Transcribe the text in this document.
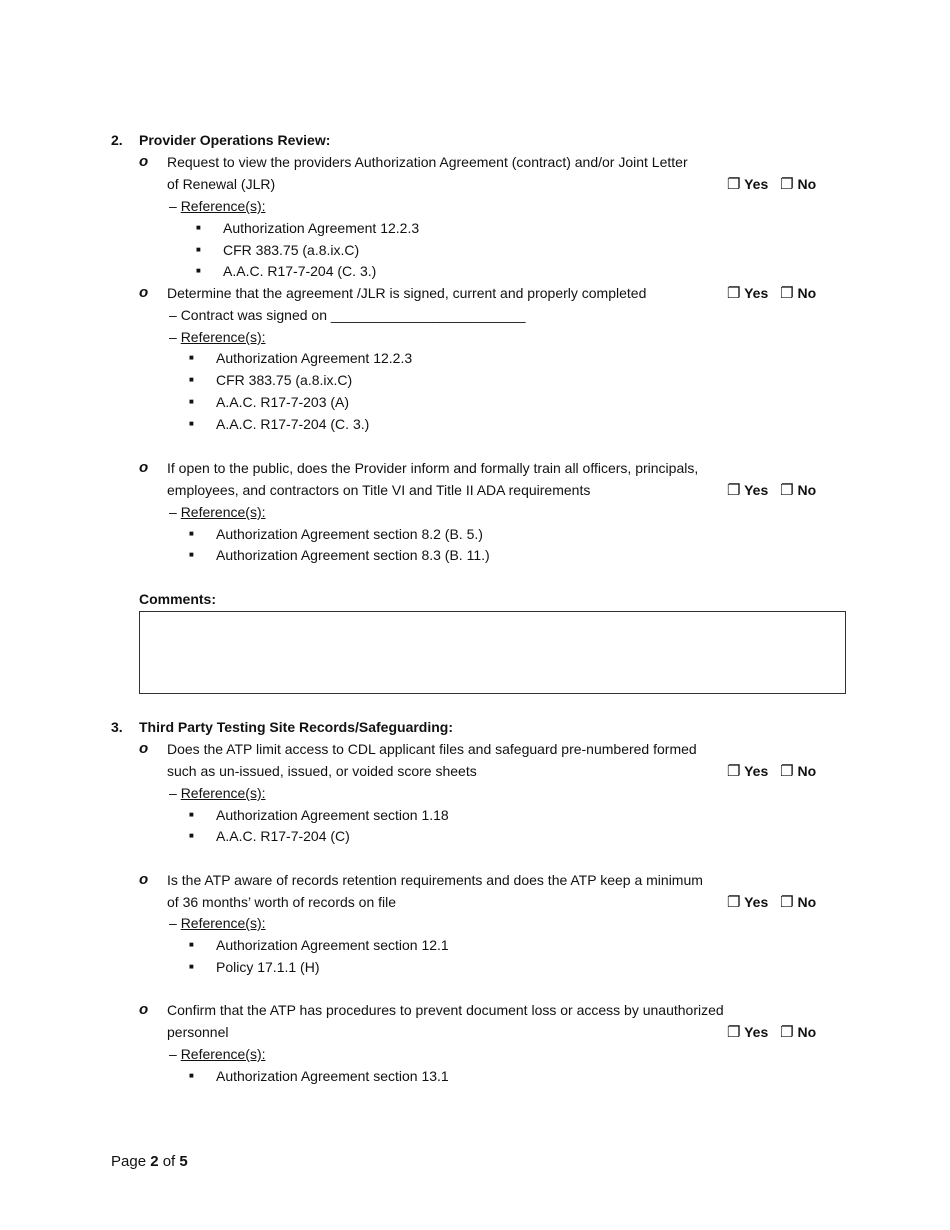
2. Provider Operations Review:
o Request to view the providers Authorization Agreement (contract) and/or Joint Letter
of Renewal (JLR)	❐ Yes ❐ No
– Reference(s):
■ Authorization Agreement 12.2.3
■ CFR 383.75 (a.8.ix.C)
■ A.A.C. R17-7-204 (C. 3.)
o Determine that the agreement /JLR is signed, current and properly completed	❐ Yes ❐ No
– Contract was signed on _________________________
– Reference(s):
■ Authorization Agreement 12.2.3
■ CFR 383.75 (a.8.ix.C)
■ A.A.C. R17-7-203 (A)
■ A.A.C. R17-7-204 (C. 3.)
o If open to the public, does the Provider inform and formally train all officers, principals,
employees, and contractors on Title VI and Title II ADA requirements	❐ Yes ❐ No
– Reference(s):
■ Authorization Agreement section 8.2 (B. 5.)
■ Authorization Agreement section 8.3 (B. 11.)
Comments:
3. Third Party Testing Site Records/Safeguarding:
o Does the ATP limit access to CDL applicant files and safeguard pre-numbered formed
such as un-issued, issued, or voided score sheets	❐ Yes ❐ No
– Reference(s):
■ Authorization Agreement section 1.18
■ A.A.C. R17-7-204 (C)
o Is the ATP aware of records retention requirements and does the ATP keep a minimum
of 36 months’ worth of records on file	❐ Yes ❐ No
– Reference(s):
■ Authorization Agreement section 12.1
■ Policy 17.1.1 (H)
o Confirm that the ATP has procedures to prevent document loss or access by unauthorized
personnel	❐ Yes ❐ No
– Reference(s):
■ Authorization Agreement section 13.1
Page 2 of 5
